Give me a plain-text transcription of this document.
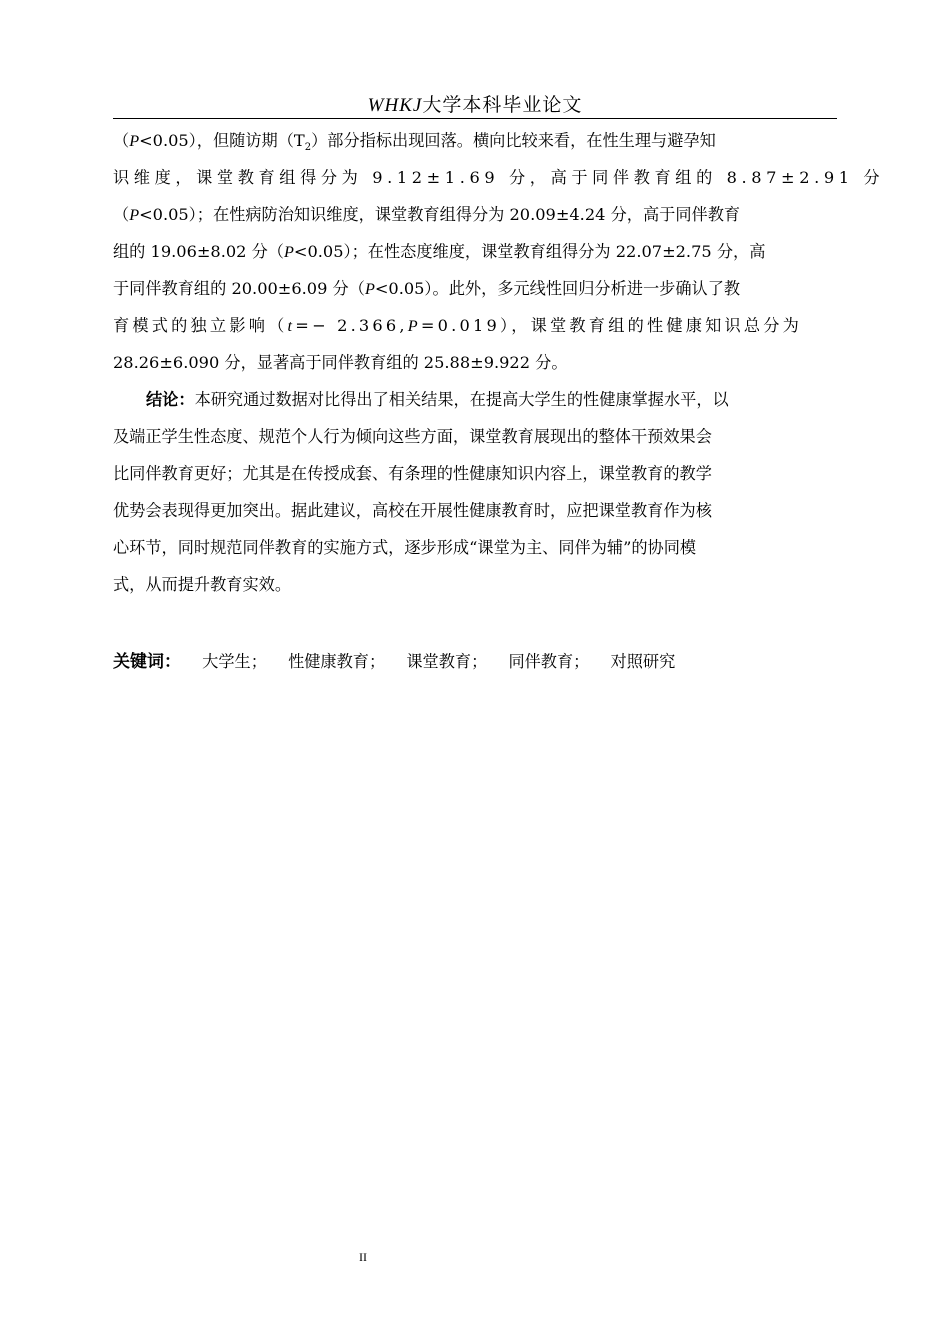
WHKJ大学本科毕业论文
（P<0.05），但随访期$(T_2)$部分指标出现回落。横向比较来看，在性生理与避孕知
识维度，课堂教育组得分为 9.12±1.69 分，高于同伴教育组的 8.87±2.91 分
（P<0.05）；在性病防治知识维度，课堂教育组得分为 20.09±4.24 分，高于同伴教育
组的 19.06±8.02 分（P<0.05）；在性态度维度，课堂教育组得分为 22.07±2.75 分，高
于同伴教育组的 20.00±6.09 分（P<0.05）。此外，多元线性回归分析进一步确认了教
育模式的独立影响（t=− 2.366,P=0.019），课堂教育组的性健康知识总分为
28.26±6.090 分，显著高于同伴教育组的 25.88±9.922 分。
结论：本研究通过数据对比得出了相关结果，在提高大学生的性健康掌握水平，以
及端正学生性态度、规范个人行为倾向这些方面，课堂教育展现出的整体干预效果会
比同伴教育更好；尤其是在传授成套、有条理的性健康知识内容上，课堂教育的教学
优势会表现得更加突出。据此建议，高校在开展性健康教育时，应把课堂教育作为核
心环节，同时规范同伴教育的实施方式，逐步形成“课堂为主、同伴为辅”的协同模
式，从而提升教育实效。
关键词： 大学生； 性健康教育； 课堂教育； 同伴教育； 对照研究
II
